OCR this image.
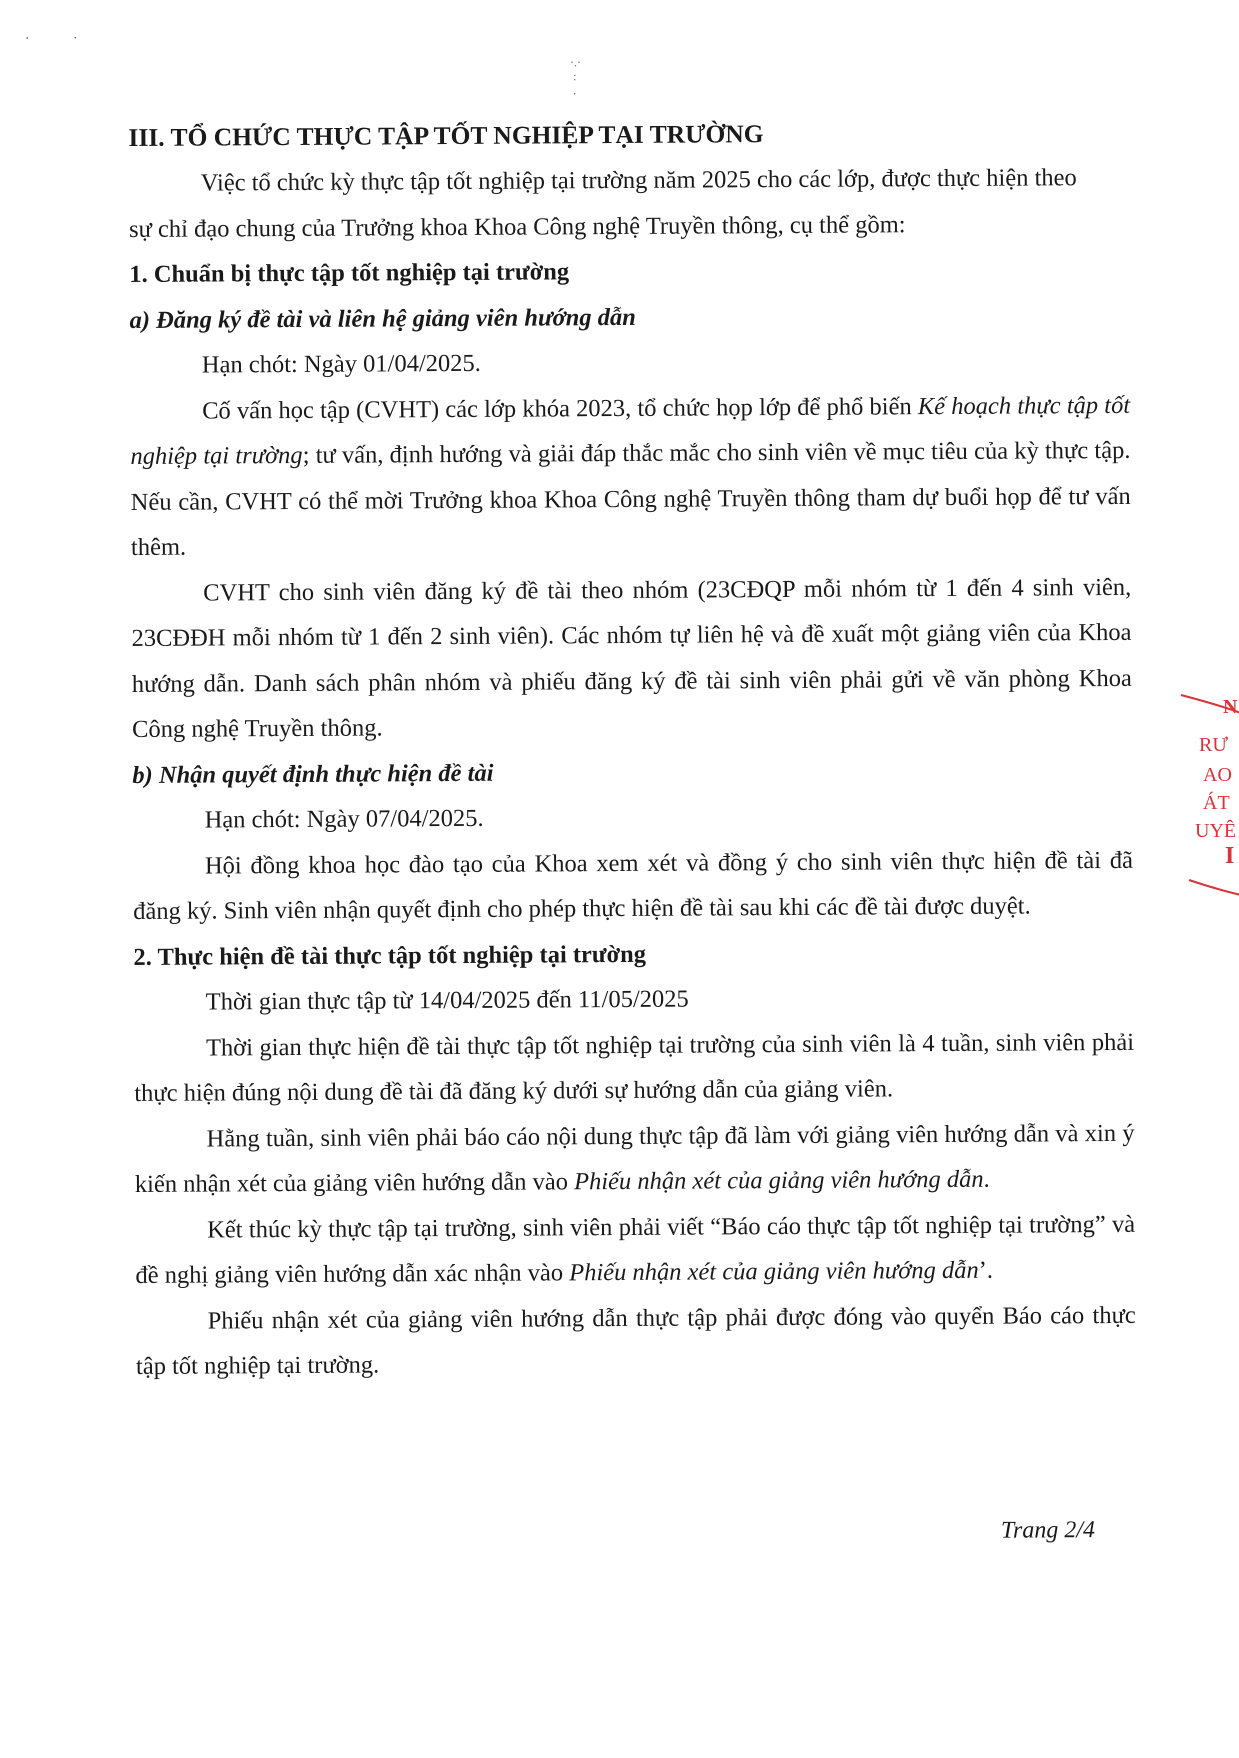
· ·
·.·
:
.
III. TỔ CHỨC THỰC TẬP TỐT NGHIỆP TẠI TRƯỜNG

Việc tổ chức kỳ thực tập tốt nghiệp tại trường năm 2025 cho các lớp, được thực hiện theo

sự chỉ đạo chung của Trưởng khoa Khoa Công nghệ Truyền thông, cụ thể gồm:

1. Chuẩn bị thực tập tốt nghiệp tại trường
a) Đăng ký đề tài và liên hệ giảng viên hướng dẫn

Hạn chót: Ngày 01/04/2025.

Cố vấn học tập (CVHT) các lớp khóa 2023, tổ chức họp lớp để phổ biến Kế hoạch thực tập tốt nghiệp tại trường; tư vấn, định hướng và giải đáp thắc mắc cho sinh viên về mục tiêu của kỳ thực tập. Nếu cần, CVHT có thể mời Trưởng khoa Khoa Công nghệ Truyền thông tham dự buổi họp để tư vấn thêm.

CVHT cho sinh viên đăng ký đề tài theo nhóm (23CĐQP mỗi nhóm từ 1 đến 4 sinh viên, 23CĐĐH mỗi nhóm từ 1 đến 2 sinh viên). Các nhóm tự liên hệ và đề xuất một giảng viên của Khoa hướng dẫn. Danh sách phân nhóm và phiếu đăng ký đề tài sinh viên phải gửi về văn phòng Khoa Công nghệ Truyền thông.

b) Nhận quyết định thực hiện đề tài

Hạn chót: Ngày 07/04/2025.

Hội đồng khoa học đào tạo của Khoa xem xét và đồng ý cho sinh viên thực hiện đề tài đã đăng ký. Sinh viên nhận quyết định cho phép thực hiện đề tài sau khi các đề tài được duyệt.

2. Thực hiện đề tài thực tập tốt nghiệp tại trường

Thời gian thực tập từ 14/04/2025 đến 11/05/2025

Thời gian thực hiện đề tài thực tập tốt nghiệp tại trường của sinh viên là 4 tuần, sinh viên phải thực hiện đúng nội dung đề tài đã đăng ký dưới sự hướng dẫn của giảng viên.

Hằng tuần, sinh viên phải báo cáo nội dung thực tập đã làm với giảng viên hướng dẫn và xin ý kiến nhận xét của giảng viên hướng dẫn vào Phiếu nhận xét của giảng viên hướng dẫn.

Kết thúc kỳ thực tập tại trường, sinh viên phải viết “Báo cáo thực tập tốt nghiệp tại trường” và đề nghị giảng viên hướng dẫn xác nhận vào Phiếu nhận xét của giảng viên hướng dẫn’.

Phiếu nhận xét của giảng viên hướng dẫn thực tập phải được đóng vào quyển Báo cáo thực tập tốt nghiệp tại trường.

Trang 2/4
N
RƯ
AO
ÁT
UYÊ
I
